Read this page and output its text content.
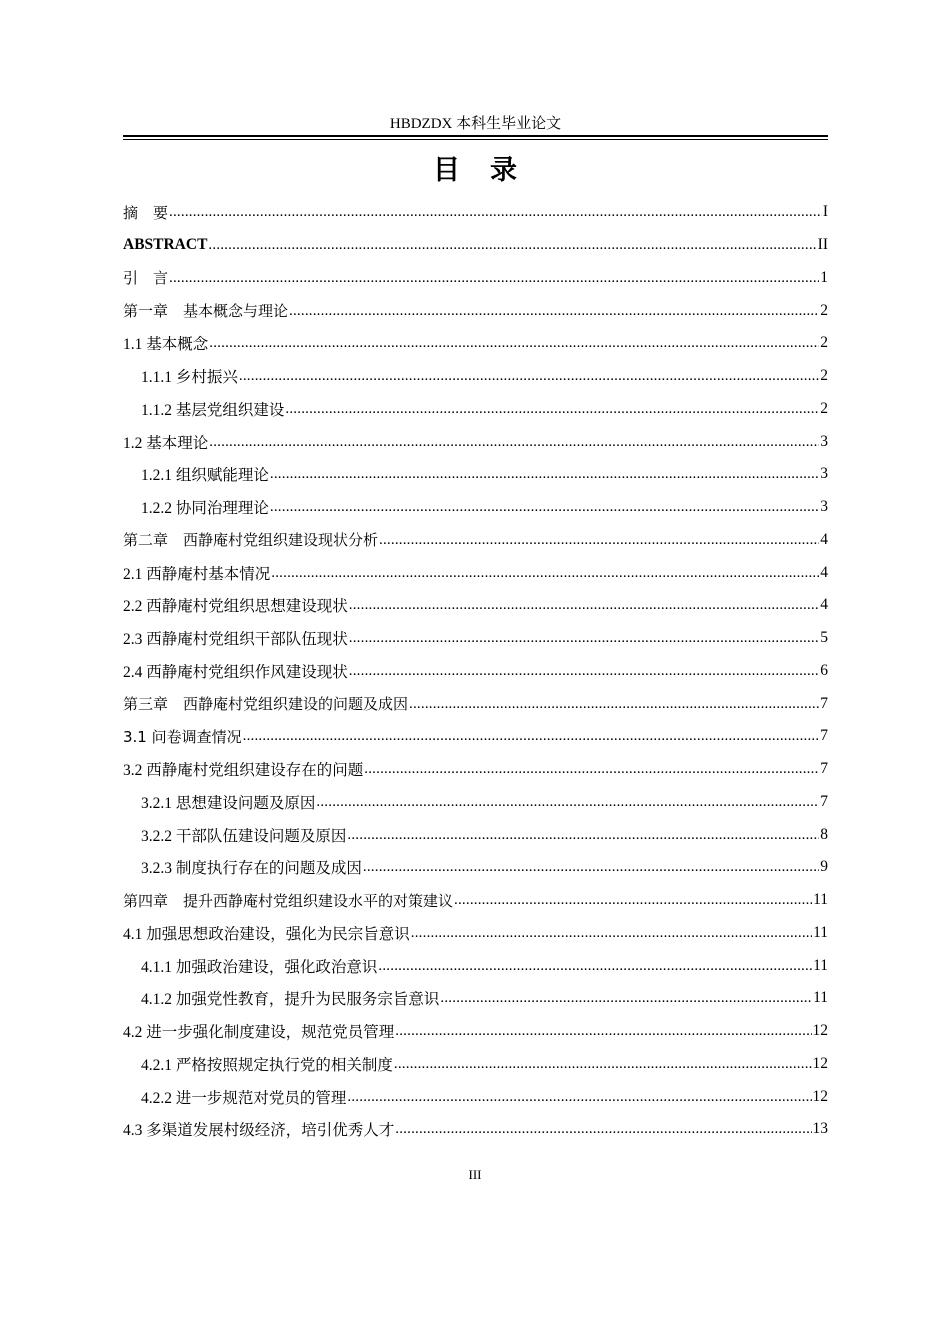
HBDZDX 本科生毕业论文
目录
摘　要 .....	I
ABSTRACT .....	II
引　言 .....	1
第一章　基本概念与理论 .....	2
1.1 基本概念 .....	2
1.1.1 乡村振兴 .....	2
1.1.2 基层党组织建设 .....	2
1.2 基本理论 .....	3
1.2.1 组织赋能理论 .....	3
1.2.2 协同治理理论 .....	3
第二章　西静庵村党组织建设现状分析 .....	4
2.1 西静庵村基本情况 .....	4
2.2 西静庵村党组织思想建设现状 .....	4
2.3 西静庵村党组织干部队伍现状 .....	5
2.4 西静庵村党组织作风建设现状 .....	6
第三章　西静庵村党组织建设的问题及成因 .....	7
3.1 问卷调查情况 .....	7
3.2 西静庵村党组织建设存在的问题 .....	7
3.2.1 思想建设问题及原因 .....	7
3.2.2 干部队伍建设问题及原因 .....	8
3.2.3 制度执行存在的问题及成因 .....	9
第四章　提升西静庵村党组织建设水平的对策建议 .....	11
4.1 加强思想政治建设，强化为民宗旨意识 .....	11
4.1.1 加强政治建设，强化政治意识 .....	11
4.1.2 加强党性教育，提升为民服务宗旨意识 .....	11
4.2 进一步强化制度建设，规范党员管理 .....	12
4.2.1 严格按照规定执行党的相关制度 .....	12
4.2.2 进一步规范对党员的管理 .....	12
4.3 多渠道发展村级经济，培引优秀人才 .....	13
III
